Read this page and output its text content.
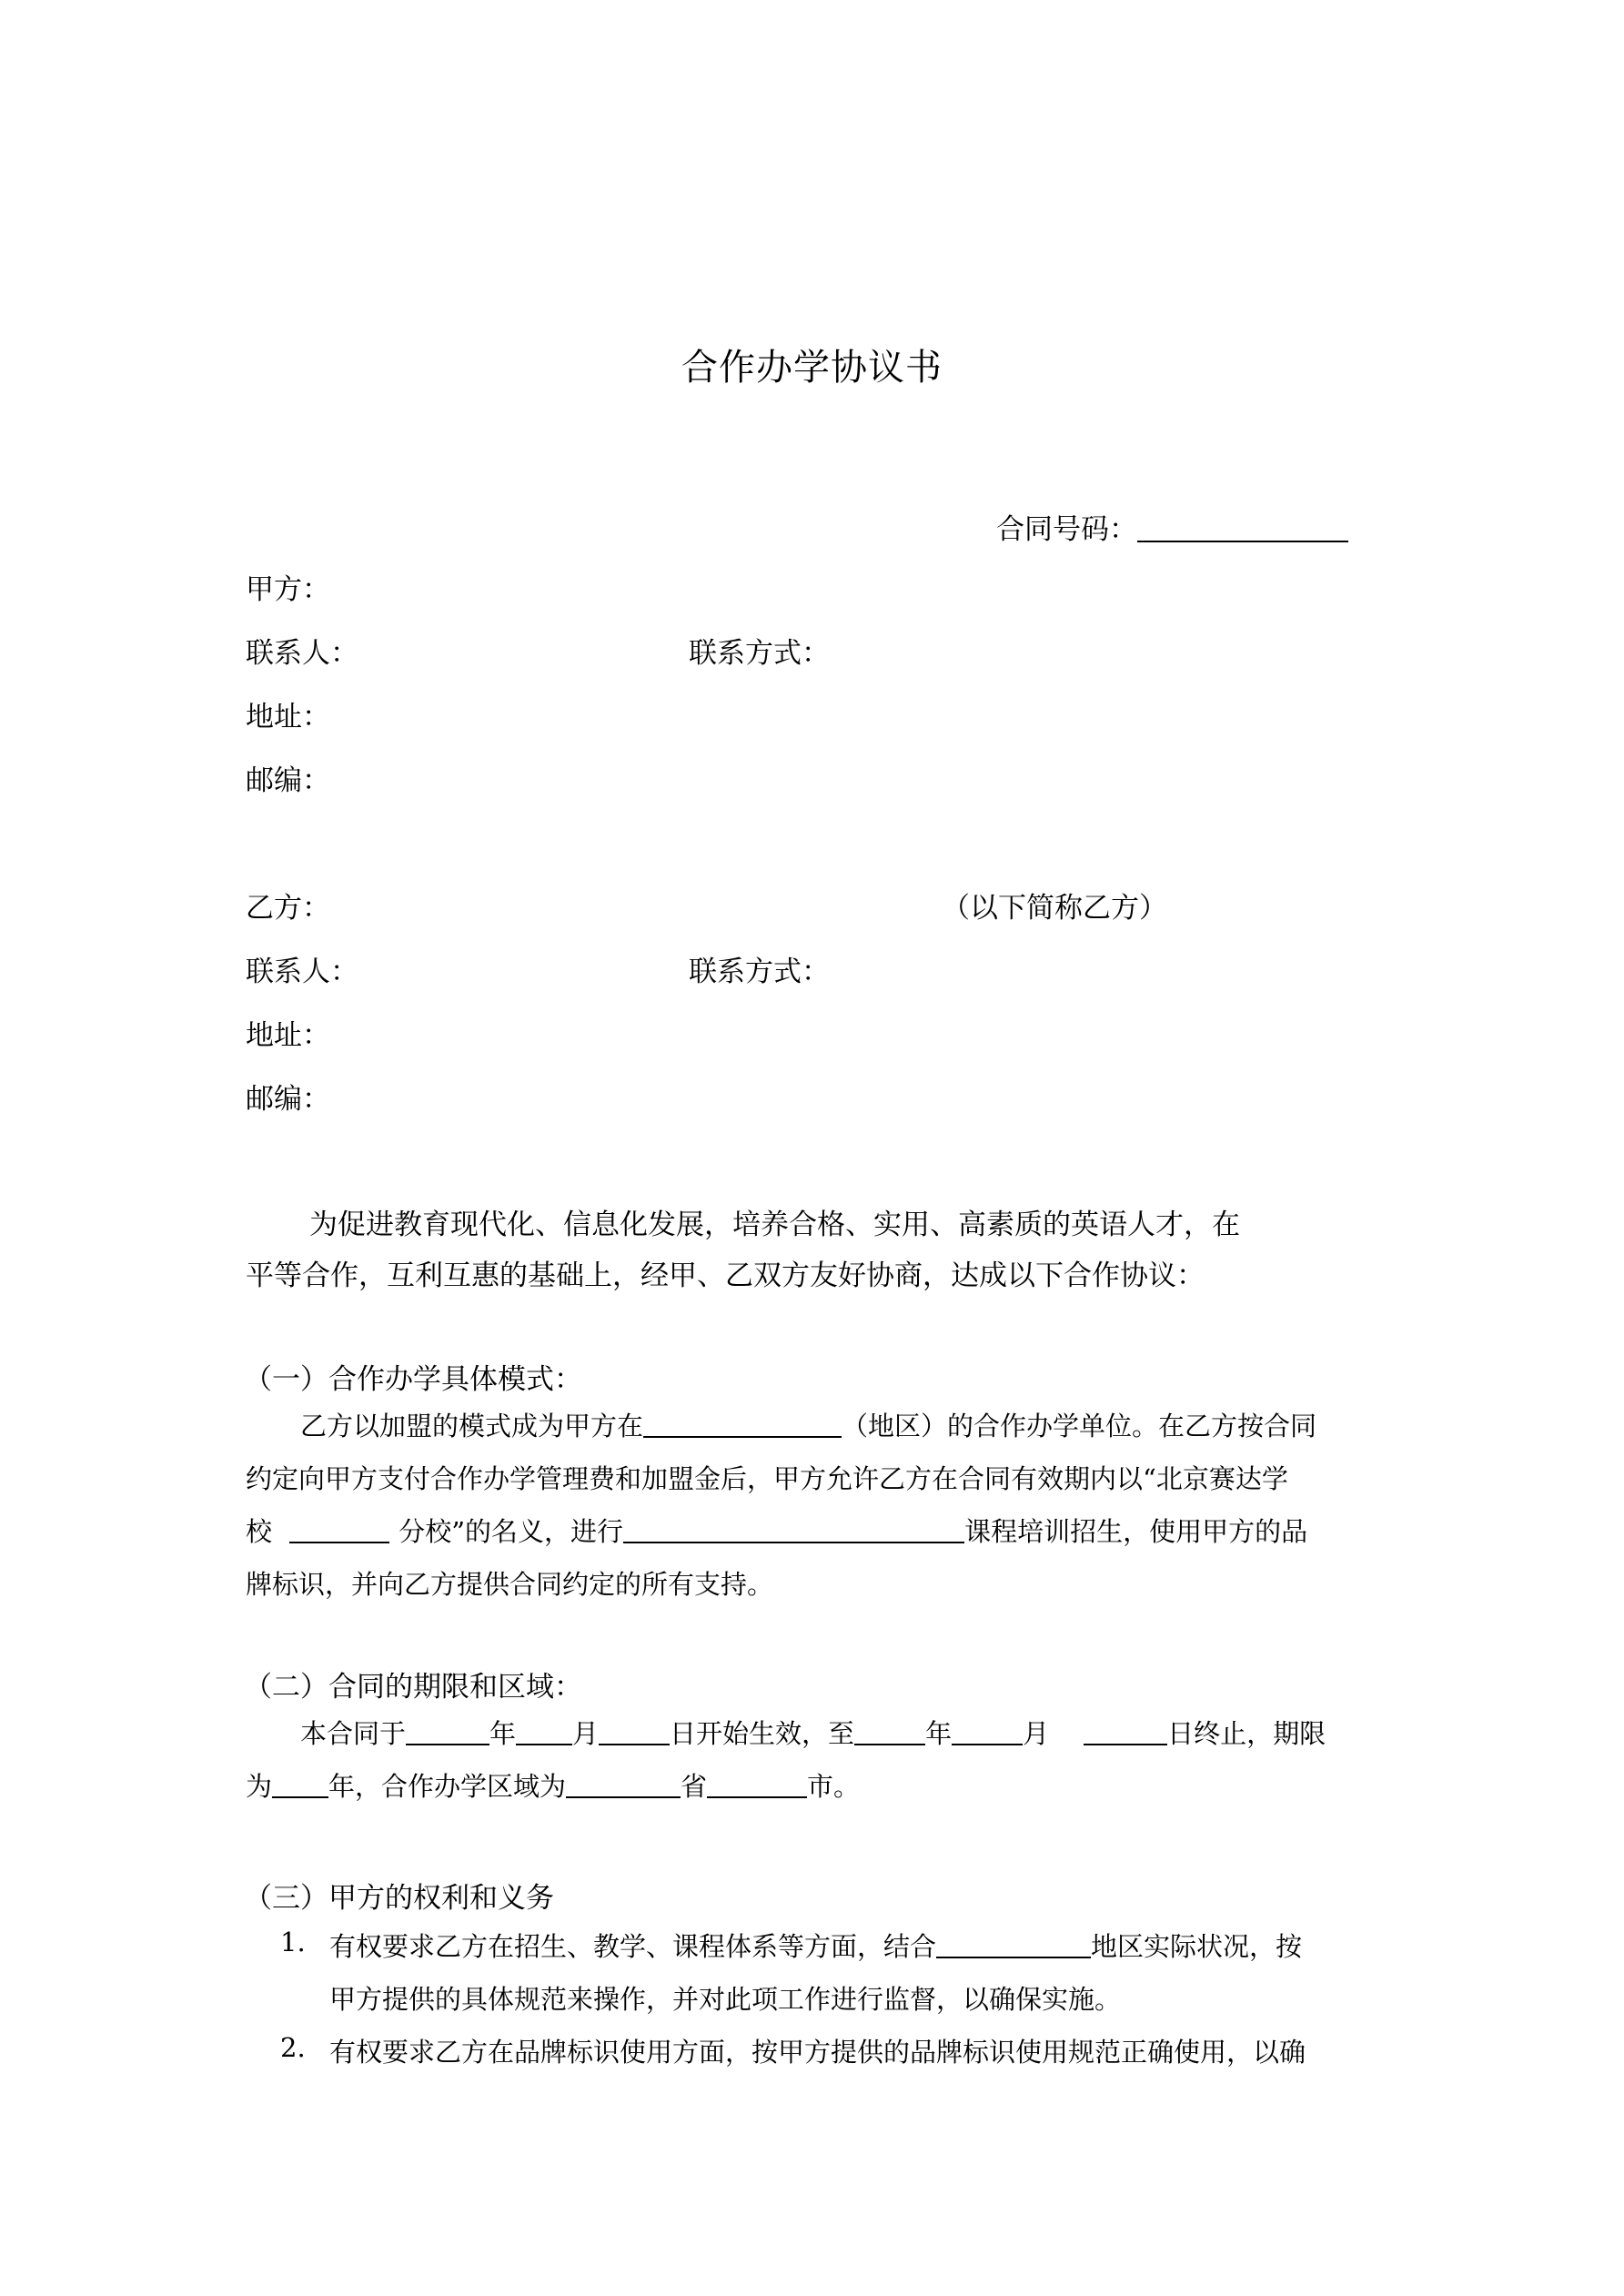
合作办学协议书
合同号码：
甲方：
联系人：	联系方式：
地址：
邮编：
乙方：	（以下简称乙方）
联系人：	联系方式：
地址：
邮编：
为促进教育现代化、信息化发展，培养合格、实用、高素质的英语人才，在
平等合作，互利互惠的基础上，经甲、乙双方友好协商，达成以下合作协议：
（一）合作办学具体模式：
乙方以加盟的模式成为甲方在	（地区）的合作办学单位。在乙方按合同
约定向甲方支付合作办学管理费和加盟金后，甲方允许乙方在合同有效期内以“北京赛达学
校	分校”的名义，进行	课程培训招生，使用甲方的品
牌标识，并向乙方提供合同约定的所有支持。
（二）合同的期限和区域：
本合同于	年 月	日开始生效，至	年	月	日终止，期限
为 年，合作办学区域为	省	市。
（三）甲方的权利和义务
1. 有权要求乙方在招生、教学、课程体系等方面，结合	地区实际状况，按
甲方提供的具体规范来操作，并对此项工作进行监督，以确保实施。
2. 有权要求乙方在品牌标识使用方面，按甲方提供的品牌标识使用规范正确使用，以确
